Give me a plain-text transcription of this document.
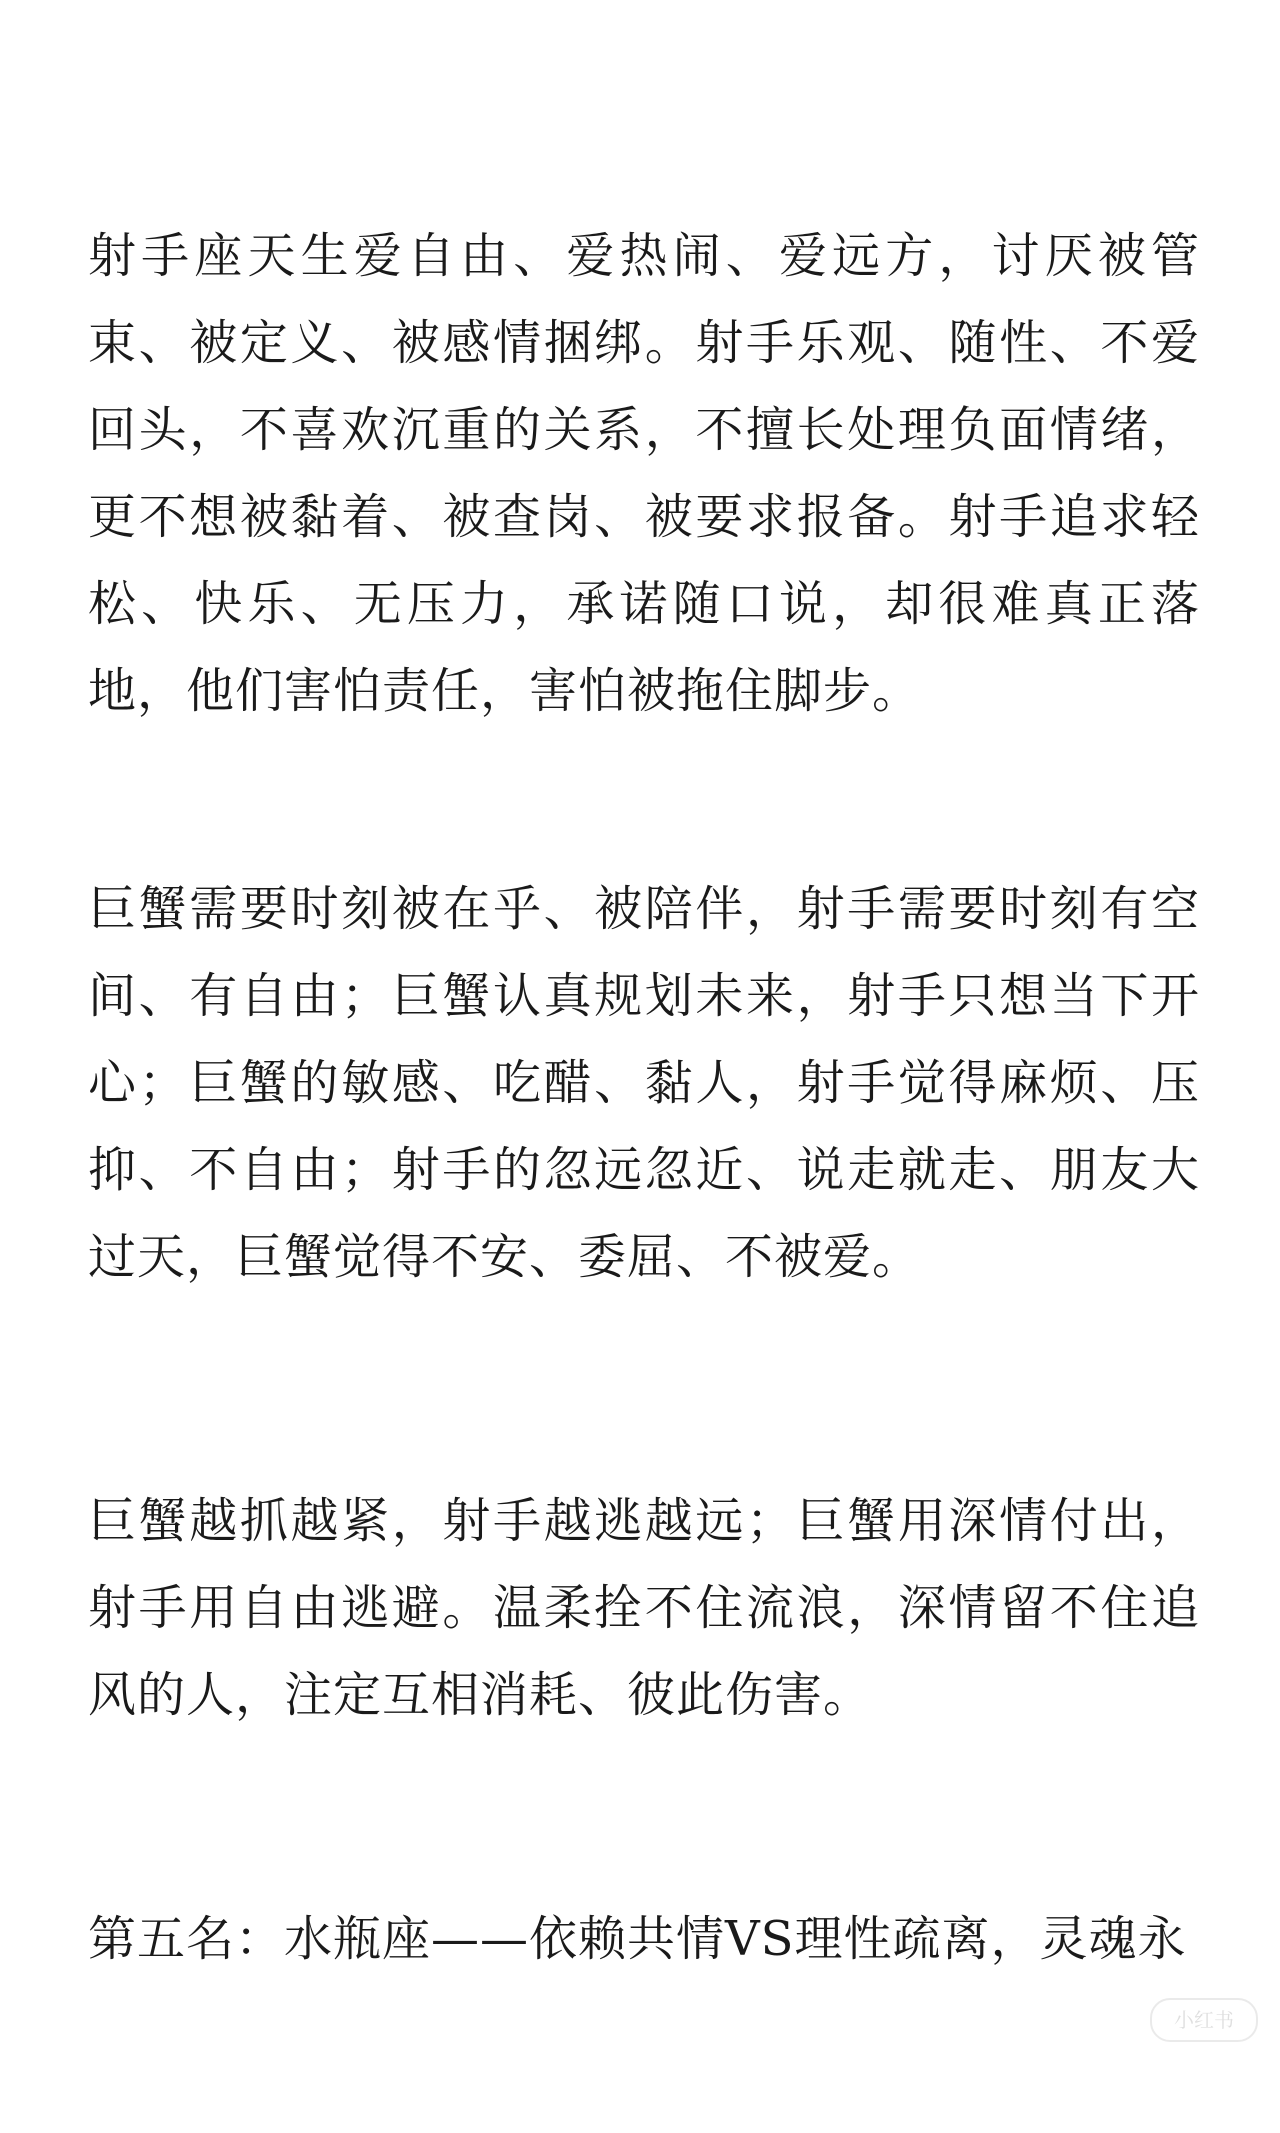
射手座天生爱自由、爱热闹、爱远方，讨厌被管束、被定义、被感情捆绑。射手乐观、随性、不爱回头，不喜欢沉重的关系，不擅长处理负面情绪，更不想被黏着、被查岗、被要求报备。射手追求轻松、快乐、无压力，承诺随口说，却很难真正落地，他们害怕责任，害怕被拖住脚步。

巨蟹需要时刻被在乎、被陪伴，射手需要时刻有空间、有自由；巨蟹认真规划未来，射手只想当下开心；巨蟹的敏感、吃醋、黏人，射手觉得麻烦、压抑、不自由；射手的忽远忽近、说走就走、朋友大过天，巨蟹觉得不安、委屈、不被爱。

巨蟹越抓越紧，射手越逃越远；巨蟹用深情付出，射手用自由逃避。温柔拴不住流浪，深情留不住追风的人，注定互相消耗、彼此伤害。

第五名：水瓶座——依赖共情VS理性疏离，灵魂永

小红书
